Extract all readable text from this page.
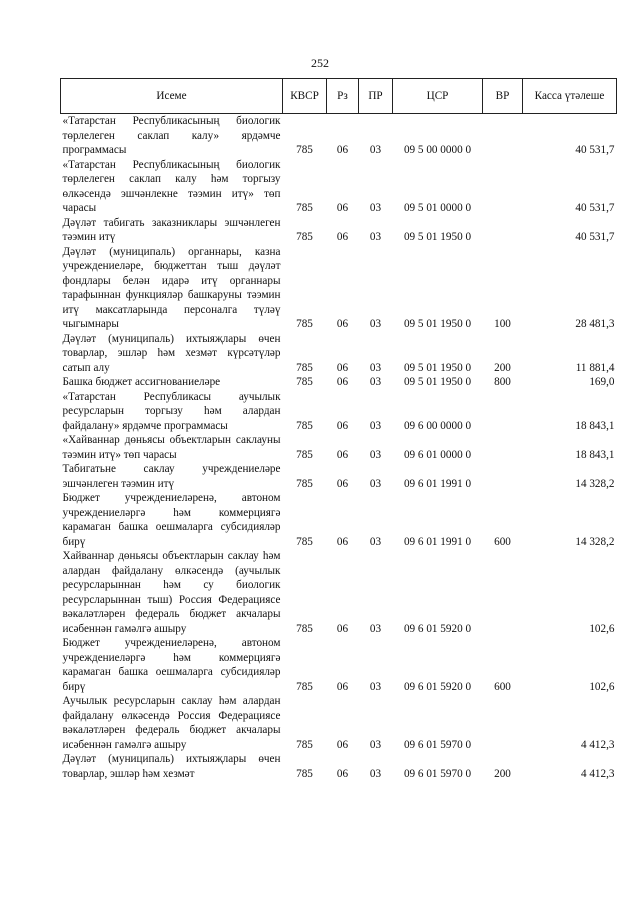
252
Исеме	КВСР	Рз	ПР	ЦСР	ВР	Касса үтәлеше
«Татарстан Республикасының биологик төрлелеген саклап калу» ярдәмче программасы	785	06	03	09 5 00 0000 0		40 531,7
«Татарстан Республикасының биологик төрлелеген саклап калу һәм торгызу өлкәсендә эшчәнлекне тәэмин итү» төп чарасы	785	06	03	09 5 01 0000 0		40 531,7
Дәүләт табигать заказниклары эшчәнлеген тәэмин итү	785	06	03	09 5 01 1950 0		40 531,7
Дәүләт (муниципаль) органнары, казна учреждениеләре, бюджеттан тыш дәүләт фондлары белән идарә итү органнары тарафыннан функцияләр башкаруны тәэмин итү максатларында персоналга түләү чыгымнары	785	06	03	09 5 01 1950 0	100	28 481,3
Дәүләт (муниципаль) ихтыяҗлары өчен товарлар, эшләр һәм хезмәт күрсәтүләр сатып алу	785	06	03	09 5 01 1950 0	200	11 881,4
Башка бюджет ассигнованиеләре	785	06	03	09 5 01 1950 0	800	169,0
«Татарстан Республикасы аучылык ресурсларын торгызу һәм алардан файдалану» ярдәмче программасы	785	06	03	09 6 00 0000 0		18 843,1
«Хайваннар дөньясы объектларын саклауны тәэмин итү» төп чарасы	785	06	03	09 6 01 0000 0		18 843,1
Табигатьне саклау учреждениеләре эшчәнлеген тәэмин итү	785	06	03	09 6 01 1991 0		14 328,2
Бюджет учреждениеләренә, автоном учреждениеләргә һәм коммерциягә карамаган башка оешмаларга субсидияләр бирү	785	06	03	09 6 01 1991 0	600	14 328,2
Хайваннар дөньясы объектларын саклау һәм алардан файдалану өлкәсендә (аучылык ресурсларыннан һәм су биологик ресурсларыннан тыш) Россия Федерациясе вәкаләтләрен федераль бюджет акчалары исәбеннән гамәлгә ашыру	785	06	03	09 6 01 5920 0		102,6
Бюджет учреждениеләренә, автоном учреждениеләргә һәм коммерциягә карамаган башка оешмаларга субсидияләр бирү	785	06	03	09 6 01 5920 0	600	102,6
Аучылык ресурсларын саклау һәм алардан файдалану өлкәсендә Россия Федерациясе вәкаләтләрен федераль бюджет акчалары исәбеннән гамәлгә ашыру	785	06	03	09 6 01 5970 0		4 412,3
Дәүләт (муниципаль) ихтыяҗлары өчен товарлар, эшләр һәм хезмәт	785	06	03	09 6 01 5970 0	200	4 412,3
